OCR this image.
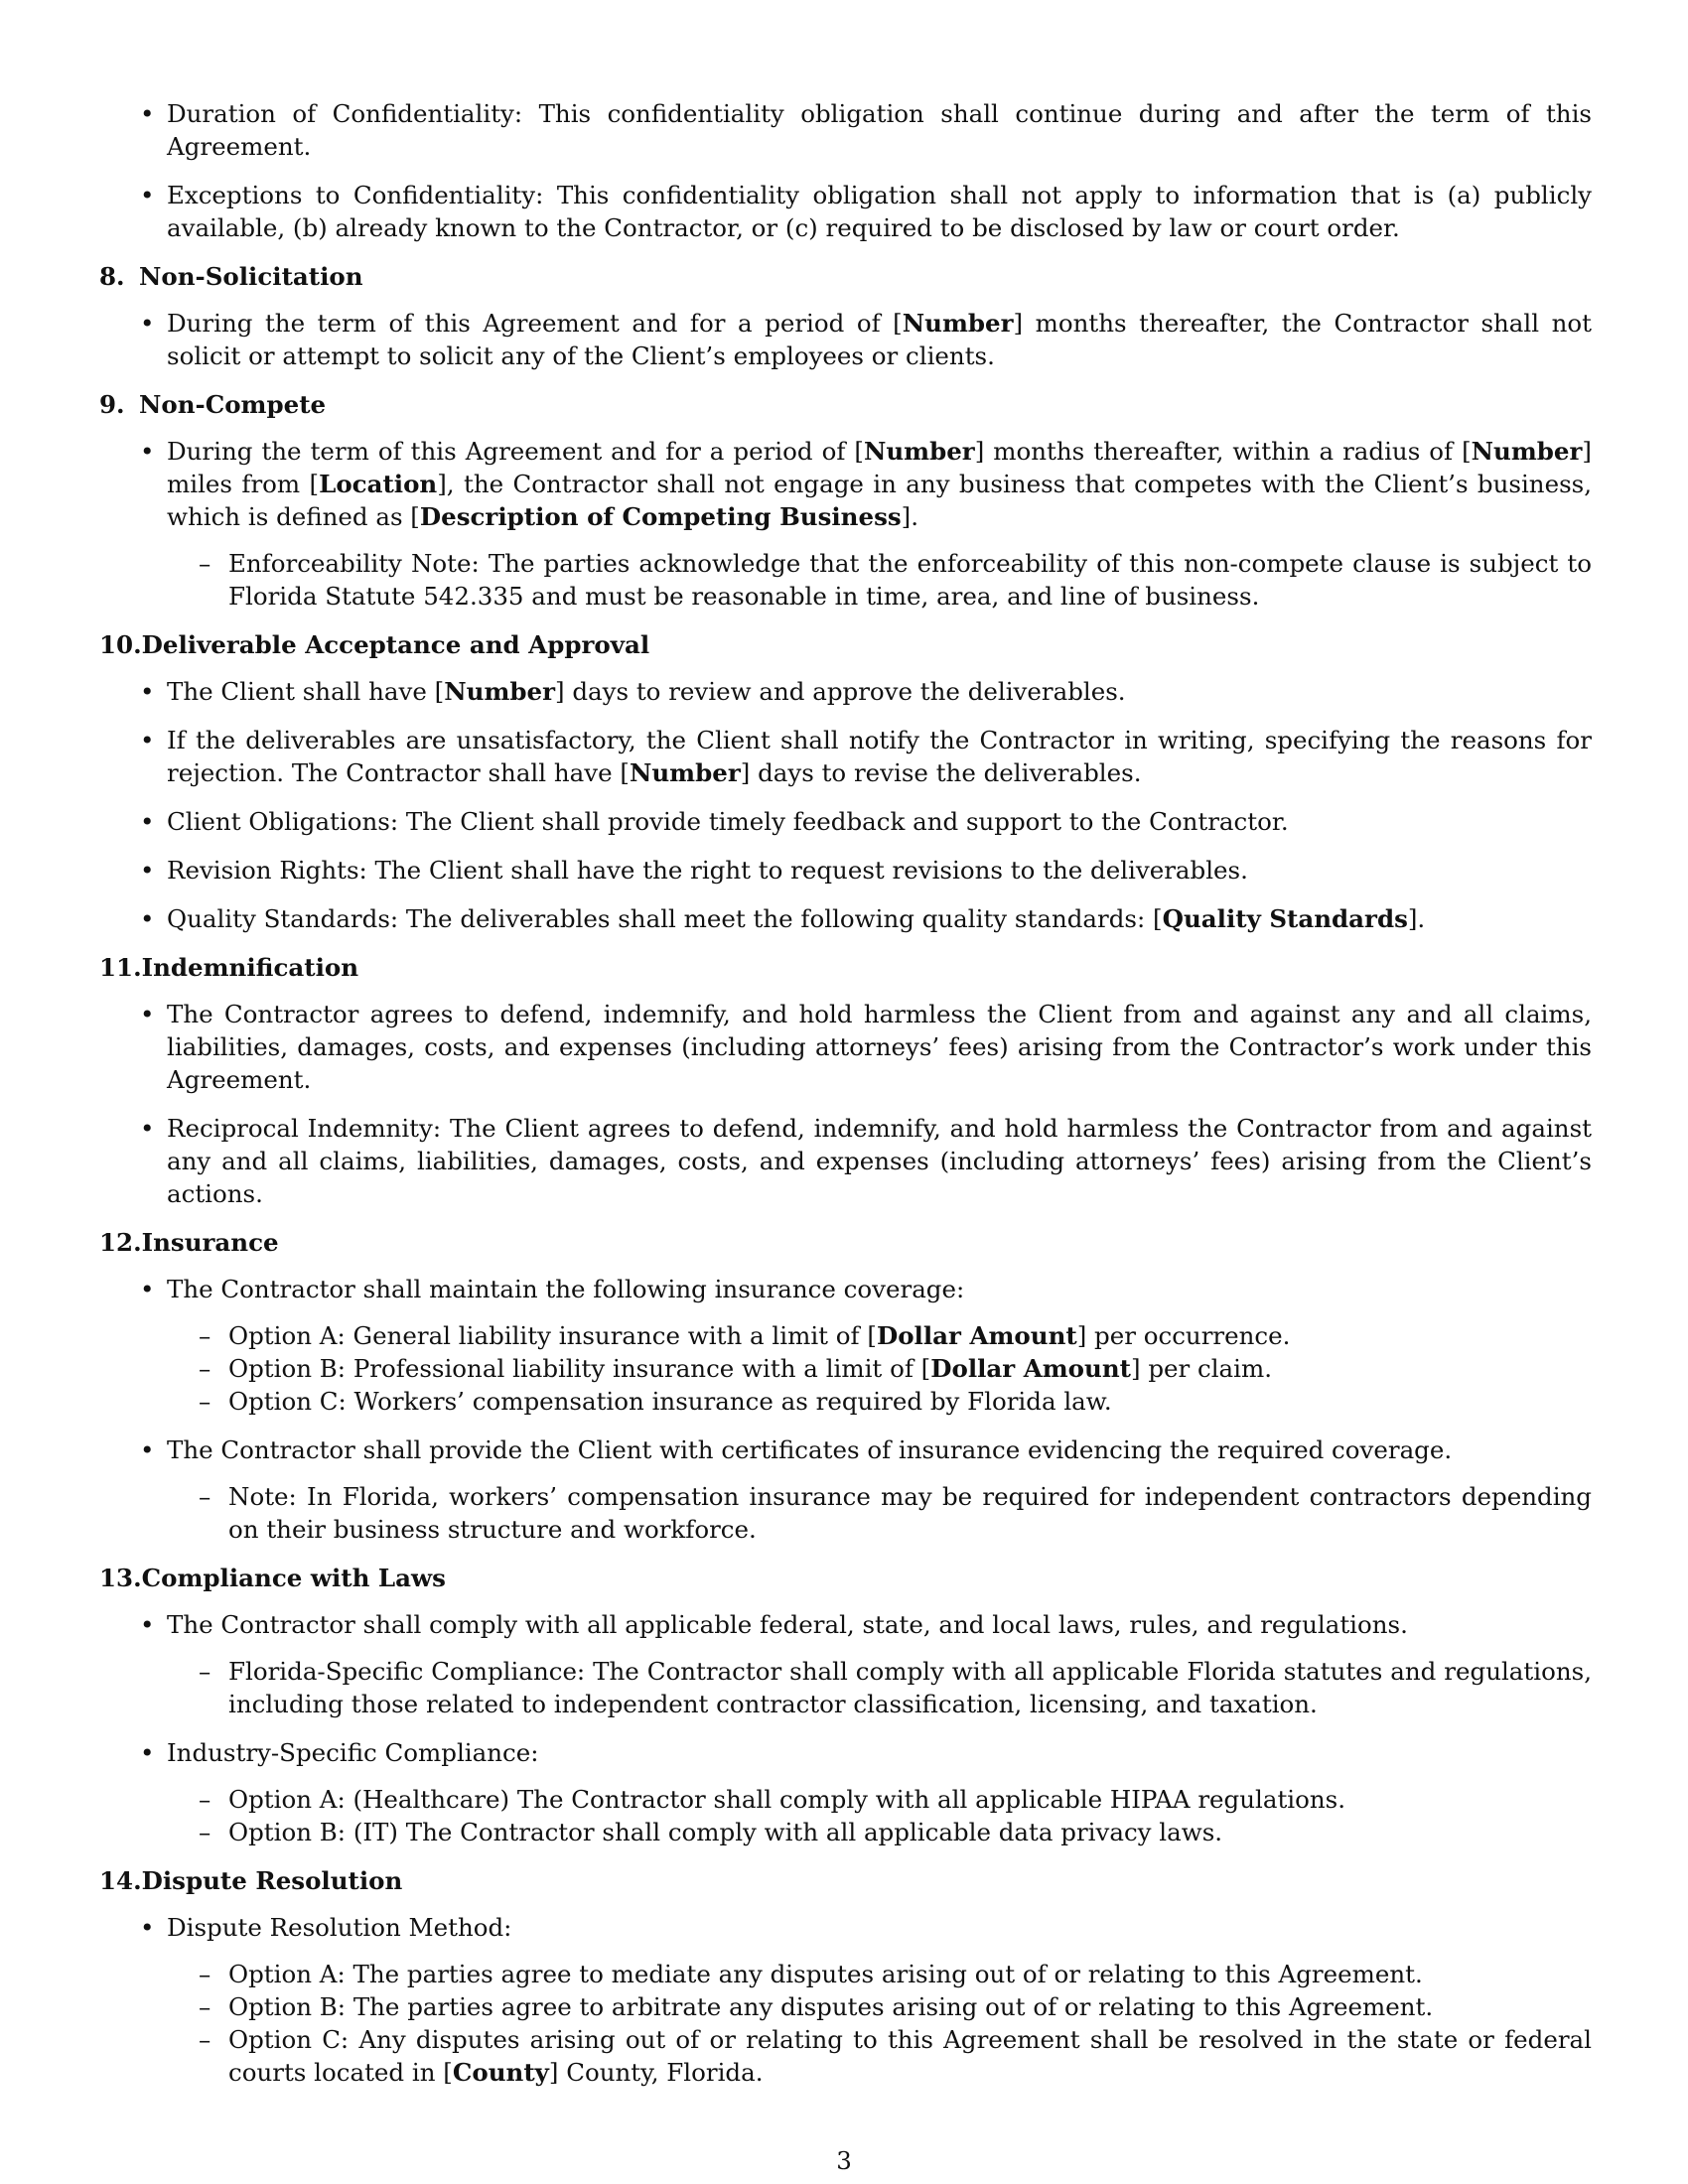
• Duration of Confidentiality: This confidentiality obligation shall continue during and after the term of this Agreement.
• Exceptions to Confidentiality: This confidentiality obligation shall not apply to information that is (a) publicly available, (b) already known to the Contractor, or (c) required to be disclosed by law or court order.
8. Non-Solicitation
• During the term of this Agreement and for a period of [Number] months thereafter, the Contractor shall not solicit or attempt to solicit any of the Client’s employees or clients.
9. Non-Compete
• During the term of this Agreement and for a period of [Number] months thereafter, within a radius of [Number] miles from [Location], the Contractor shall not engage in any business that competes with the Client’s business, which is defined as [Description of Competing Business].
– Enforceability Note: The parties acknowledge that the enforceability of this non-compete clause is subject to Florida Statute 542.335 and must be reasonable in time, area, and line of business.
10.Deliverable Acceptance and Approval
• The Client shall have [Number] days to review and approve the deliverables.
• If the deliverables are unsatisfactory, the Client shall notify the Contractor in writing, specifying the reasons for rejection. The Contractor shall have [Number] days to revise the deliverables.
• Client Obligations: The Client shall provide timely feedback and support to the Contractor.
• Revision Rights: The Client shall have the right to request revisions to the deliverables.
• Quality Standards: The deliverables shall meet the following quality standards: [Quality Standards].
11.Indemnification
• The Contractor agrees to defend, indemnify, and hold harmless the Client from and against any and all claims, liabilities, damages, costs, and expenses (including attorneys’ fees) arising from the Contractor’s work under this Agreement.
• Reciprocal Indemnity: The Client agrees to defend, indemnify, and hold harmless the Contractor from and against any and all claims, liabilities, damages, costs, and expenses (including attorneys’ fees) arising from the Client’s actions.
12.Insurance
• The Contractor shall maintain the following insurance coverage:
– Option A: General liability insurance with a limit of [Dollar Amount] per occurrence.
– Option B: Professional liability insurance with a limit of [Dollar Amount] per claim.
– Option C: Workers’ compensation insurance as required by Florida law.
• The Contractor shall provide the Client with certificates of insurance evidencing the required coverage.
– Note: In Florida, workers’ compensation insurance may be required for independent contractors depending on their business structure and workforce.
13.Compliance with Laws
• The Contractor shall comply with all applicable federal, state, and local laws, rules, and regulations.
– Florida-Specific Compliance: The Contractor shall comply with all applicable Florida statutes and regulations, including those related to independent contractor classification, licensing, and taxation.
• Industry-Specific Compliance:
– Option A: (Healthcare) The Contractor shall comply with all applicable HIPAA regulations.
– Option B: (IT) The Contractor shall comply with all applicable data privacy laws.
14.Dispute Resolution
• Dispute Resolution Method:
– Option A: The parties agree to mediate any disputes arising out of or relating to this Agreement.
– Option B: The parties agree to arbitrate any disputes arising out of or relating to this Agreement.
– Option C: Any disputes arising out of or relating to this Agreement shall be resolved in the state or federal courts located in [County] County, Florida.
3
